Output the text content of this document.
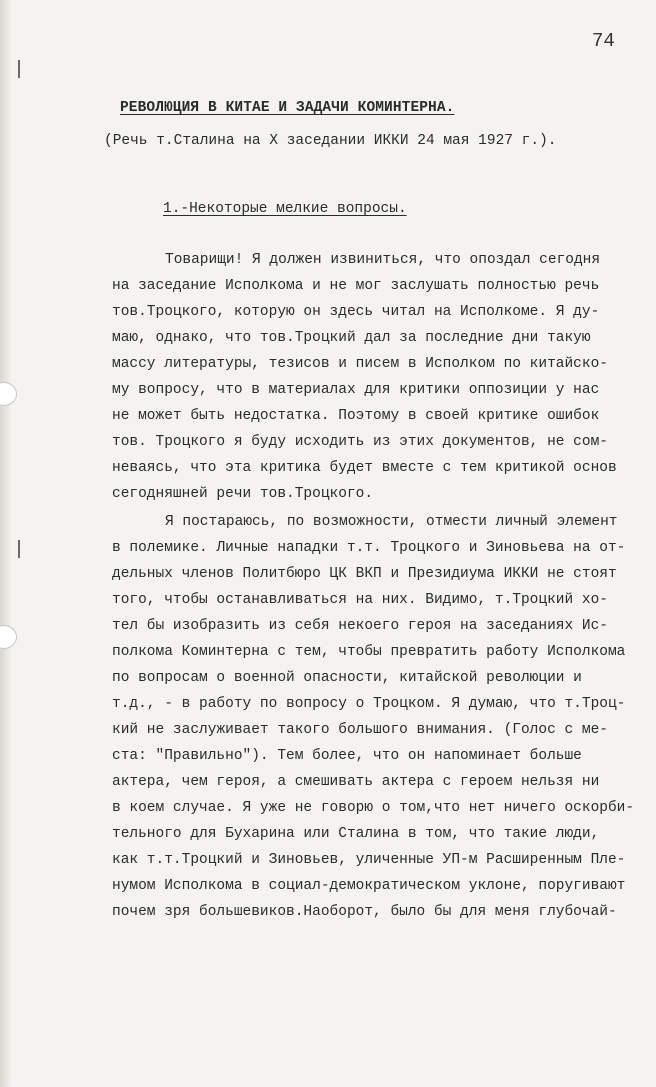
74
РЕВОЛЮЦИЯ В КИТАЕ И ЗАДАЧИ КОМИНТЕРНА.
(Речь т.Сталина на X заседании ИККИ 24 мая 1927 г.).
1.-Некоторые мелкие вопросы.
Товарищи! Я должен извиниться, что опоздал сегодня
на заседание Исполкома и не мог заслушать полностью речь
тов.Троцкого, которую он здесь читал на Исполкоме. Я ду-
маю, однако, что тов.Троцкий дал за последние дни такую
массу литературы, тезисов и писем в Исполком по китайско-
му вопросу, что в материалах для критики оппозиции у нас
не может быть недостатка. Поэтому в своей критике ошибок
тов. Троцкого я буду исходить из этих документов, не сом-
неваясь, что эта критика будет вместе с тем критикой основ
сегодняшней речи тов.Троцкого.
Я постараюсь, по возможности, отмести личный элемент
в полемике. Личные нападки т.т. Троцкого и Зиновьева на от-
дельных членов Политбюро ЦК ВКП и Президиума ИККИ не стоят
того, чтобы останавливаться на них. Видимо, т.Троцкий хо-
тел бы изобразить из себя некоего героя на заседаниях Ис-
полкома Коминтерна с тем, чтобы превратить работу Исполкома
по вопросам о военной опасности, китайской революции и
т.д., - в работу по вопросу о Троцком. Я думаю, что т.Троц-
кий не заслуживает такого большого внимания. (Голос с ме-
ста: "Правильно"). Тем более, что он напоминает больше
актера, чем героя, а смешивать актера с героем нельзя ни
в коем случае. Я уже не говорю о том,что нет ничего оскорби-
тельного для Бухарина или Сталина в том, что такие люди,
как т.т.Троцкий и Зиновьев, уличенные УП-м Расширенным Пле-
нумом Исполкома в социал-демократическом уклоне, поругивают
почем зря большевиков.Наоборот, было бы для меня глубочай-
